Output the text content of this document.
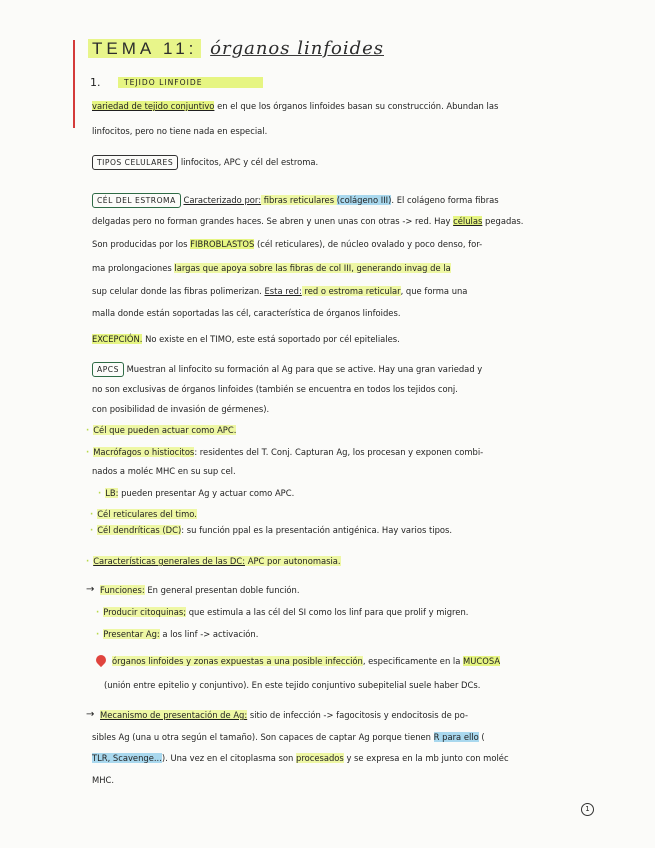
TEMA 11: órganos linfoides
1.	TEJIDO LINFOIDE
variedad de tejido conjuntivo en el que los órganos linfoides basan su construcción. Abundan las
linfocitos, pero no tiene nada en especial.
TIPOS CELULARES linfocitos, APC y cél del estroma.
CÉL DEL ESTROMA Caracterizado por: fibras reticulares (colágeno III). El colágeno forma fibras
delgadas pero no forman grandes haces. Se abren y unen unas con otras -> red. Hay células pegadas.
Son producidas por los FIBROBLASTOS (cél reticulares), de núcleo ovalado y poco denso, for-
ma prolongaciones largas que apoya sobre las fibras de col III, generando invag de la
sup celular donde las fibras polimerizan. Esta red: red o estroma reticular, que forma una
malla donde están soportadas las cél, característica de órganos linfoides.
EXCEPCIÓN. No existe en el TIMO, este está soportado por cél epiteliales.
APCS Muestran al linfocito su formación al Ag para que se active. Hay una gran variedad y
no son exclusivas de órganos linfoides (también se encuentra en todos los tejidos conj.
con posibilidad de invasión de gérmenes).
· Cél que pueden actuar como APC.
· Macrófagos o histiocitos: residentes del T. Conj. Capturan Ag, los procesan y exponen combi-
nados a moléc MHC en su sup cel.
· LB: pueden presentar Ag y actuar como APC.
· Cél reticulares del timo.
· Cél dendríticas (DC): su función ppal es la presentación antigénica. Hay varios tipos.
· Características generales de las DC: APC por autonomasia.
→ Funciones: En general presentan doble función.
· Producir citoquinas; que estimula a las cél del SI como los linf para que prolif y migren.
· Presentar Ag: a los linf -> activación.
órganos linfoides y zonas expuestas a una posible infección, especificamente en la MUCOSA
(unión entre epitelio y conjuntivo). En este tejido conjuntivo subepitelial suele haber DCs.
→ Mecanismo de presentación de Ag: sitio de infección -> fagocitosis y endocitosis de po-
sibles Ag (una u otra según el tamaño). Son capaces de captar Ag porque tienen R para ello (
TLR, Scavenge...). Una vez en el citoplasma son procesados y se expresa en la mb junto con moléc
MHC.
1
